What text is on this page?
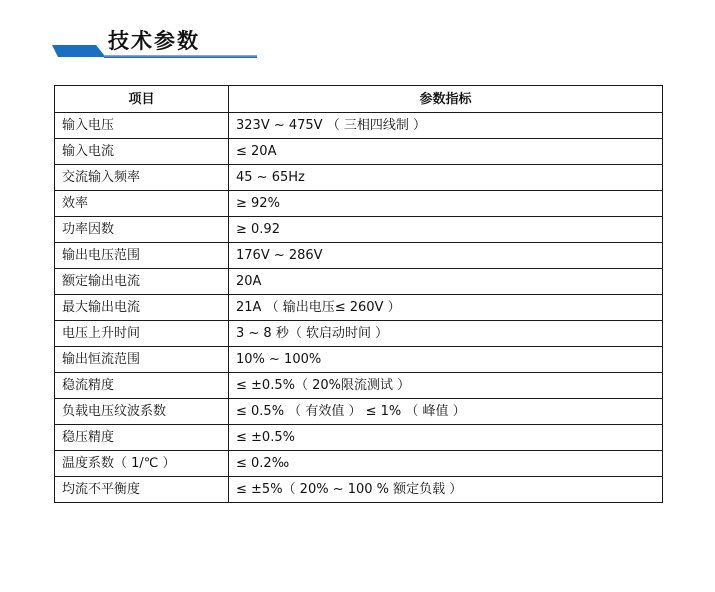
技术参数
项目	参数指标
输入电压	323V ~ 475V （ 三相四线制 ）
输入电流	≤ 20A
交流输入频率	45 ~ 65Hz
效率	≥ 92%
功率因数	≥ 0.92
输出电压范围	176V ~ 286V
额定输出电流	20A
最大输出电流	21A （ 输出电压≤ 260V ）
电压上升时间	3 ~ 8 秒（ 软启动时间 ）
输出恒流范围	10% ~ 100%
稳流精度	≤ ±0.5%（ 20%限流测试 ）
负载电压纹波系数	≤ 0.5% （ 有效值 ） ≤ 1% （ 峰值 ）
稳压精度	≤ ±0.5%
温度系数（ 1/℃ ）	≤ 0.2‰
均流不平衡度	≤ ±5%（ 20% ~ 100 % 额定负载 ）
